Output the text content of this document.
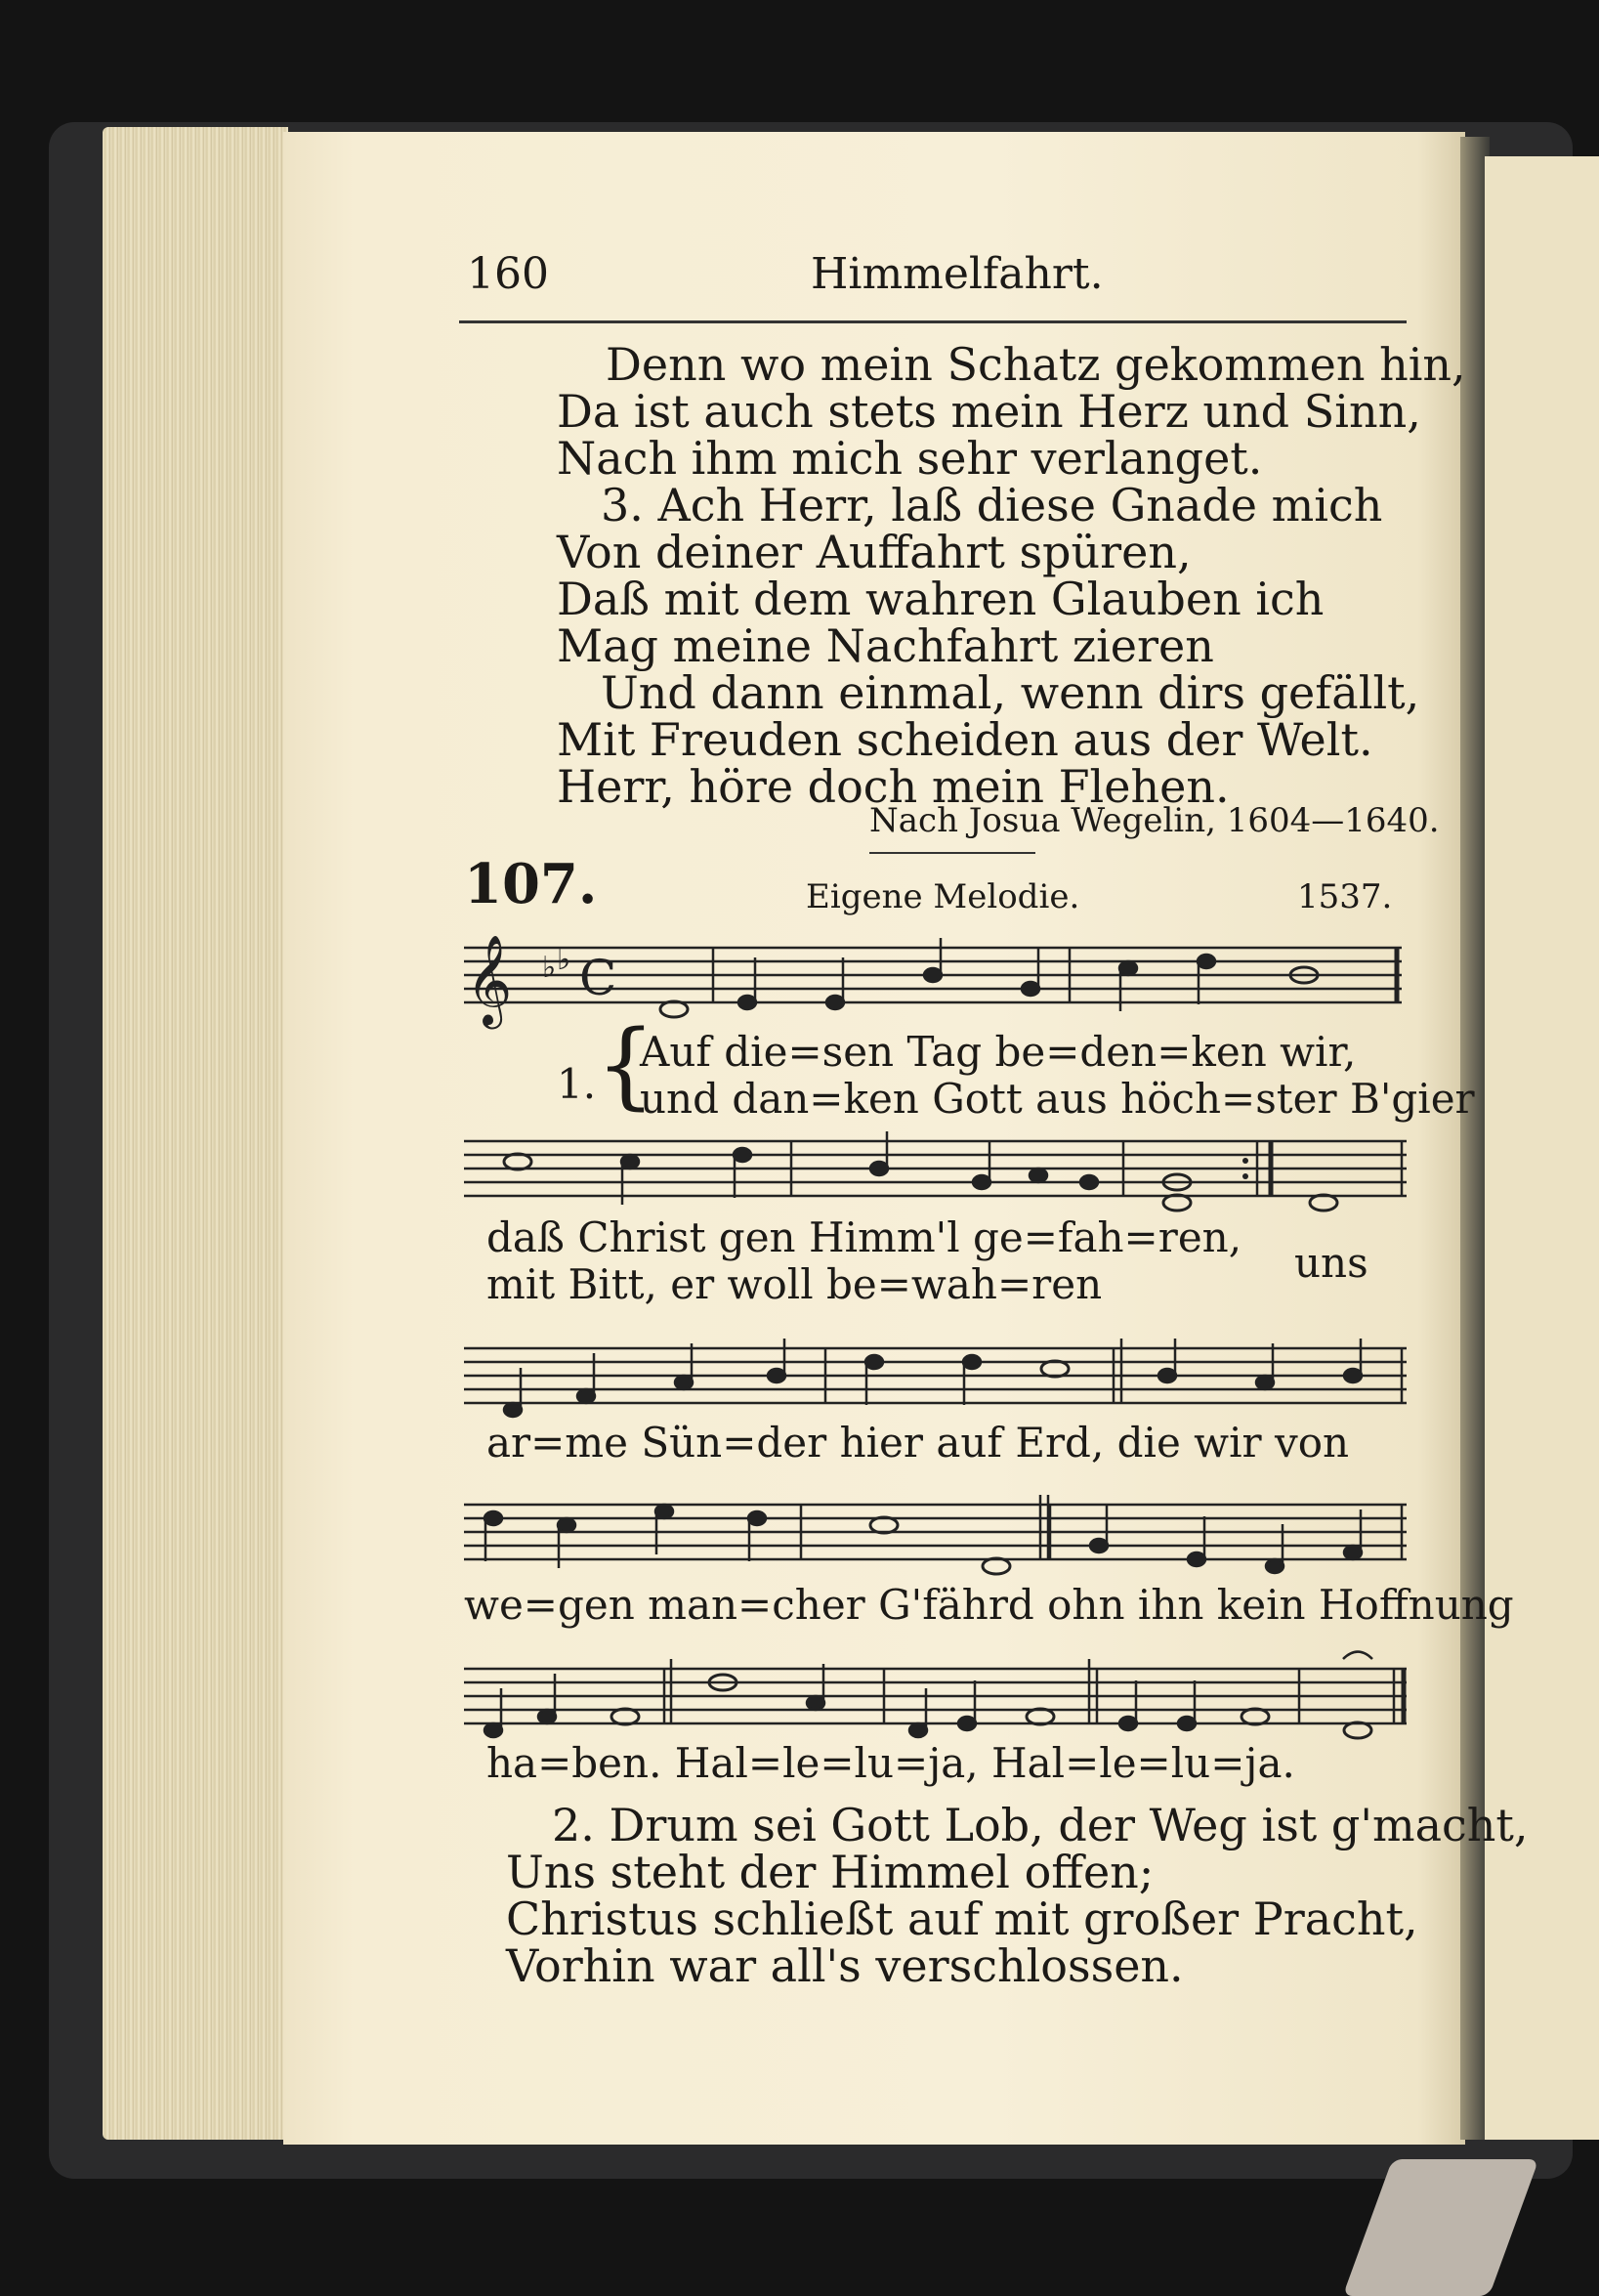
160	Himmelfahrt.
Denn wo mein Schatz gekommen hin,
Da ist auch stets mein Herz und Sinn,
Nach ihm mich sehr verlanget.
3. Ach Herr, laß diese Gnade mich
Von deiner Auffahrt spüren,
Daß mit dem wahren Glauben ich
Mag meine Nachfahrt zieren
Und dann einmal, wenn dirs gefällt,
Mit Freuden scheiden aus der Welt.
Herr, höre doch mein Flehen.
Nach Josua Wegelin, 1604—1640.
107.	Eigene Melodie.	1537.
𝄞 ♭ ♭ C
{
1.
Auf die=sen Tag be=den=ken wir,
und dan=ken Gott aus höch=ster B'gier
daß Christ gen Himm'l ge=fah=ren,
mit Bitt, er woll be=wah=ren	uns
ar=me Sün=der hier auf Erd, die wir von
we=gen man=cher G'fährd ohn ihn kein Hoffnung
ha=ben. Hal=le=lu=ja, Hal=le=lu=ja.
2. Drum sei Gott Lob, der Weg ist g'macht,
Uns steht der Himmel offen;
Christus schließt auf mit großer Pracht,
Vorhin war all's verschlossen.
